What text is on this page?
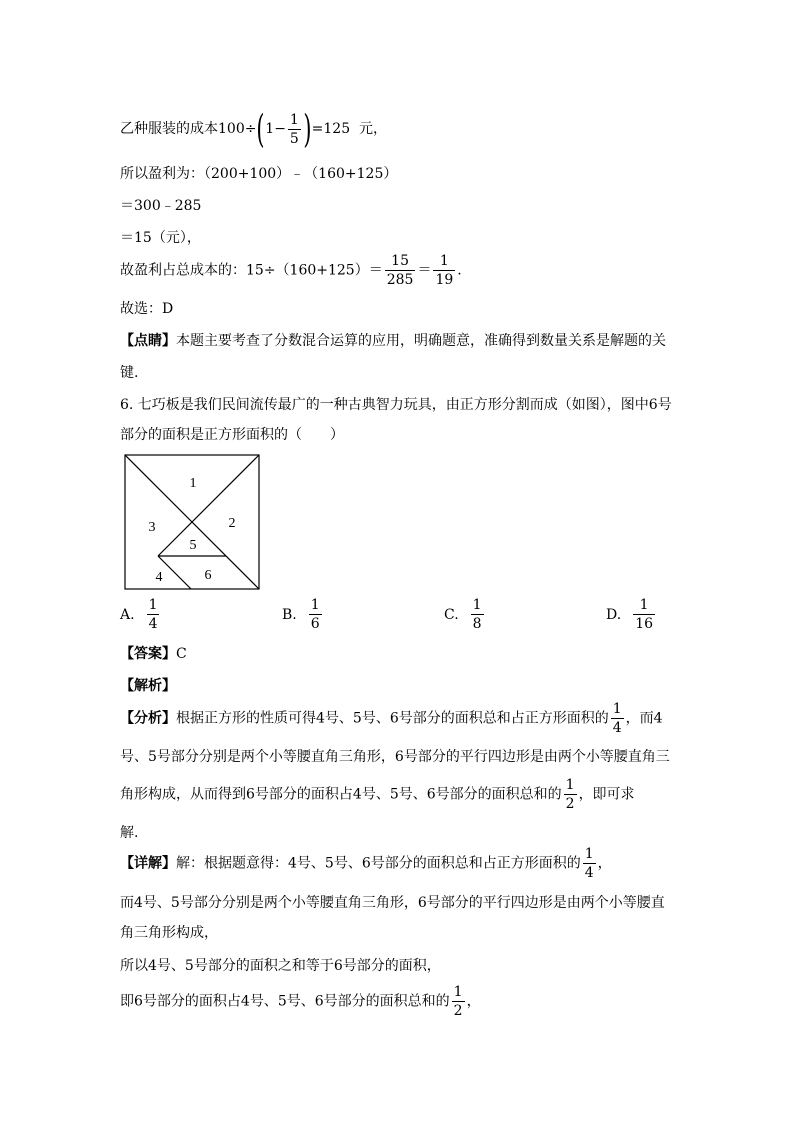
乙种服装的成本$100\div(1- \frac{1}{5} )=125$ 元，
所以盈利为：（200+100）﹣（160+125）
＝300﹣285
＝15（元），
故盈利占总成本的：$15\div(160+125)= \frac{15}{285} = \frac{1}{19}$ .
故选：D
【点睛】本题主要考查了分数混合运算的应用，明确题意，准确得到数量关系是解题的关
键.
6. 七巧板是我们民间流传最广的一种古典智力玩具，由正方形分割而成（如图），图中6号
部分的面积是正方形面积的（　　）
1
2
3
4
5
6
A. $\frac{1}{4}$	B. $\frac{1}{6}$	C. $\frac{1}{8}$	D. $\frac{1}{16}$
【答案】C
【解析】
【分析】根据正方形的性质可得4号、5号、6号部分的面积总和占正方形面积的 $\frac{1}{4}$ ，而4
号、5号部分分别是两个小等腰直角三角形，6号部分的平行四边形是由两个小等腰直角三
角形构成，从而得到6号部分的面积占4号、5号、6号部分的面积总和的 $\frac{1}{2}$ ，即可求
解.
【详解】解：根据题意得：4号、5号、6号部分的面积总和占正方形面积的 $\frac{1}{4}$ ，
而4号、5号部分分别是两个小等腰直角三角形，6号部分的平行四边形是由两个小等腰直
角三角形构成，
所以4号、5号部分的面积之和等于6号部分的面积，
即6号部分的面积占4号、5号、6号部分的面积总和的 $\frac{1}{2}$ ，
